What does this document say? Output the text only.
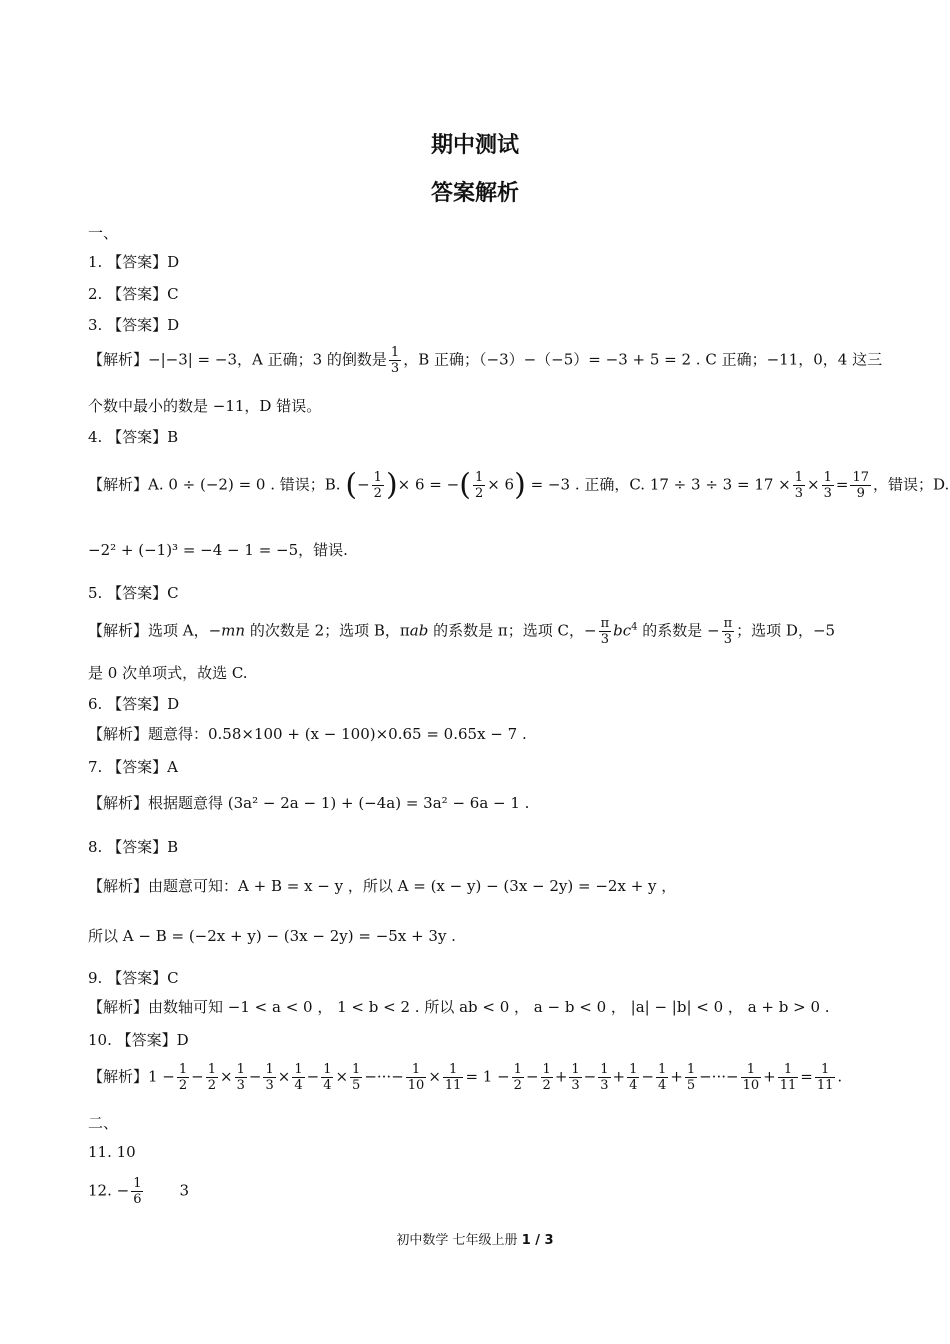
期中测试
答案解析
一、
1. 【答案】D
2. 【答案】C
3. 【答案】D
【解析】−|−3| = −3，A 正确；3 的倒数是 $\frac{1}{3}$ ，B 正确；（−3）−（−5）= −3 + 5 = 2 . C 正确；−11，0，4 这三
个数中最小的数是 −11，D 错误。
4. 【答案】B
【解析】A. 0 ÷ (−2) = 0 . 错误；B. (− $\frac{1}{2}$ )× 6 = −( $\frac{1}{2} \times 6) = -3$ . 正确，C. $17 \div 3 \div 3 = 17 \times \frac{1}{3} \times \frac{1}{3} = \frac{17}{9}$ ，错误；D.
−2² + (−1)³ = −4 − 1 = −5，错误.
5. 【答案】C
【解析】选项 A，−mn 的次数是 2；选项 B，πab 的系数是 π；选项 C，− $\frac{\pi}{3} bc^4$ 的系数是 − $\frac{\pi}{3}$ ；选项 D，−5
是 0 次单项式，故选 C.
6. 【答案】D
【解析】题意得：0.58×100 + (x − 100)×0.65 = 0.65x − 7 .
7. 【答案】A
【解析】根据题意得 (3a² − 2a − 1) + (−4a) = 3a² − 6a − 1 .
8. 【答案】B
【解析】由题意可知：A + B = x − y ，所以 A = (x − y) − (3x − 2y) = −2x + y ，
所以 A − B = (−2x + y) − (3x − 2y) = −5x + 3y .
9. 【答案】C
【解析】由数轴可知 −1 < a < 0 ， 1 < b < 2 . 所以 ab < 0 ， a − b < 0 ， |a| − |b| < 0 ， a + b > 0 .
10. 【答案】D
【解析】$1 - \frac{1}{2} - \frac{1}{2} \times \frac{1}{3} - \frac{1}{3} \times \frac{1}{4} - \frac{1}{4} \times \frac{1}{5}$ −···− $\frac{1}{10} \times \frac{1}{11} = 1 - \frac{1}{2} - \frac{1}{2} + \frac{1}{3} - \frac{1}{3} + \frac{1}{4} - \frac{1}{4} + \frac{1}{5}$ −···− $\frac{1}{10} + \frac{1}{11} = \frac{1}{11}$ .
二、
11. 10
12. − $\frac{1}{6} 3$
初中数学 七年级上册 1 / 3
